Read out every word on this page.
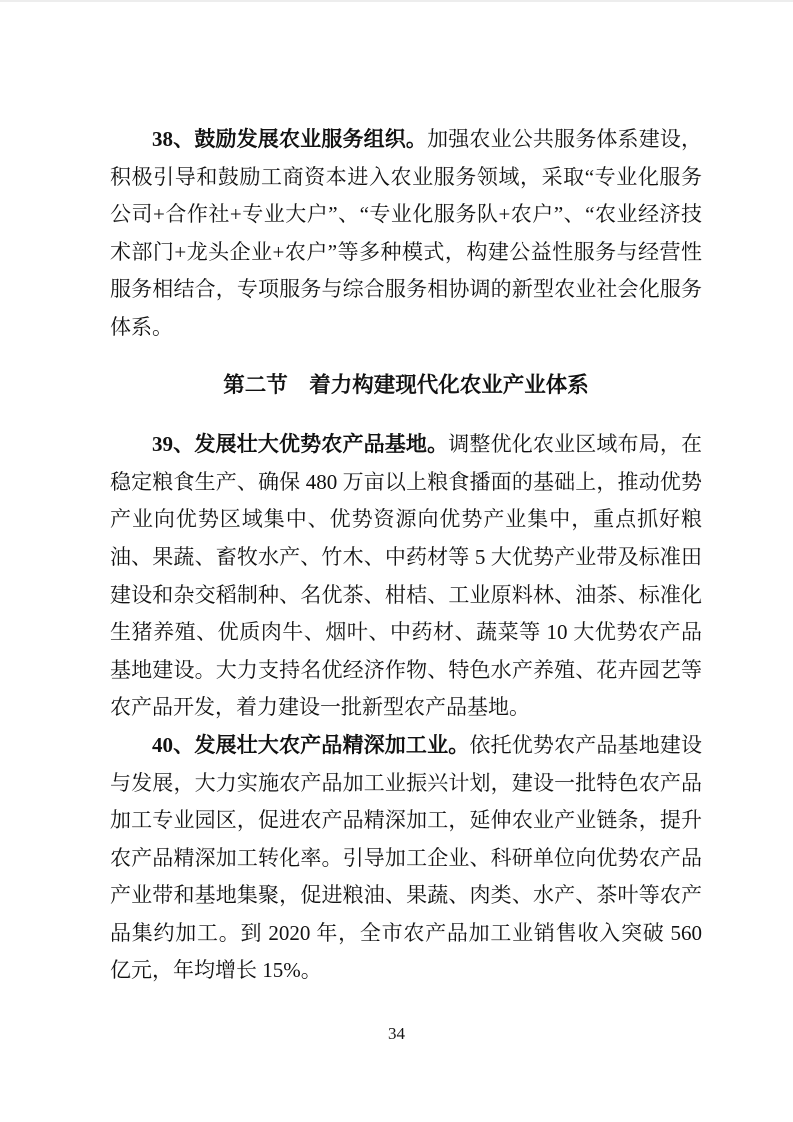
38、鼓励发展农业服务组织。加强农业公共服务体系建设，积极引导和鼓励工商资本进入农业服务领域，采取“专业化服务公司+合作社+专业大户”、“专业化服务队+农户”、“农业经济技术部门+龙头企业+农户”等多种模式，构建公益性服务与经营性服务相结合，专项服务与综合服务相协调的新型农业社会化服务体系。

第二节　着力构建现代化农业产业体系

39、发展壮大优势农产品基地。调整优化农业区域布局，在稳定粮食生产、确保 480 万亩以上粮食播面的基础上，推动优势产业向优势区域集中、优势资源向优势产业集中，重点抓好粮油、果蔬、畜牧水产、竹木、中药材等 5 大优势产业带及标准田建设和杂交稻制种、名优茶、柑桔、工业原料林、油茶、标准化生猪养殖、优质肉牛、烟叶、中药材、蔬菜等 10 大优势农产品基地建设。大力支持名优经济作物、特色水产养殖、花卉园艺等农产品开发，着力建设一批新型农产品基地。

40、发展壮大农产品精深加工业。依托优势农产品基地建设与发展，大力实施农产品加工业振兴计划，建设一批特色农产品加工专业园区，促进农产品精深加工，延伸农业产业链条，提升农产品精深加工转化率。引导加工企业、科研单位向优势农产品产业带和基地集聚，促进粮油、果蔬、肉类、水产、茶叶等农产品集约加工。到 2020 年，全市农产品加工业销售收入突破 560 亿元，年均增长 15%。

34
